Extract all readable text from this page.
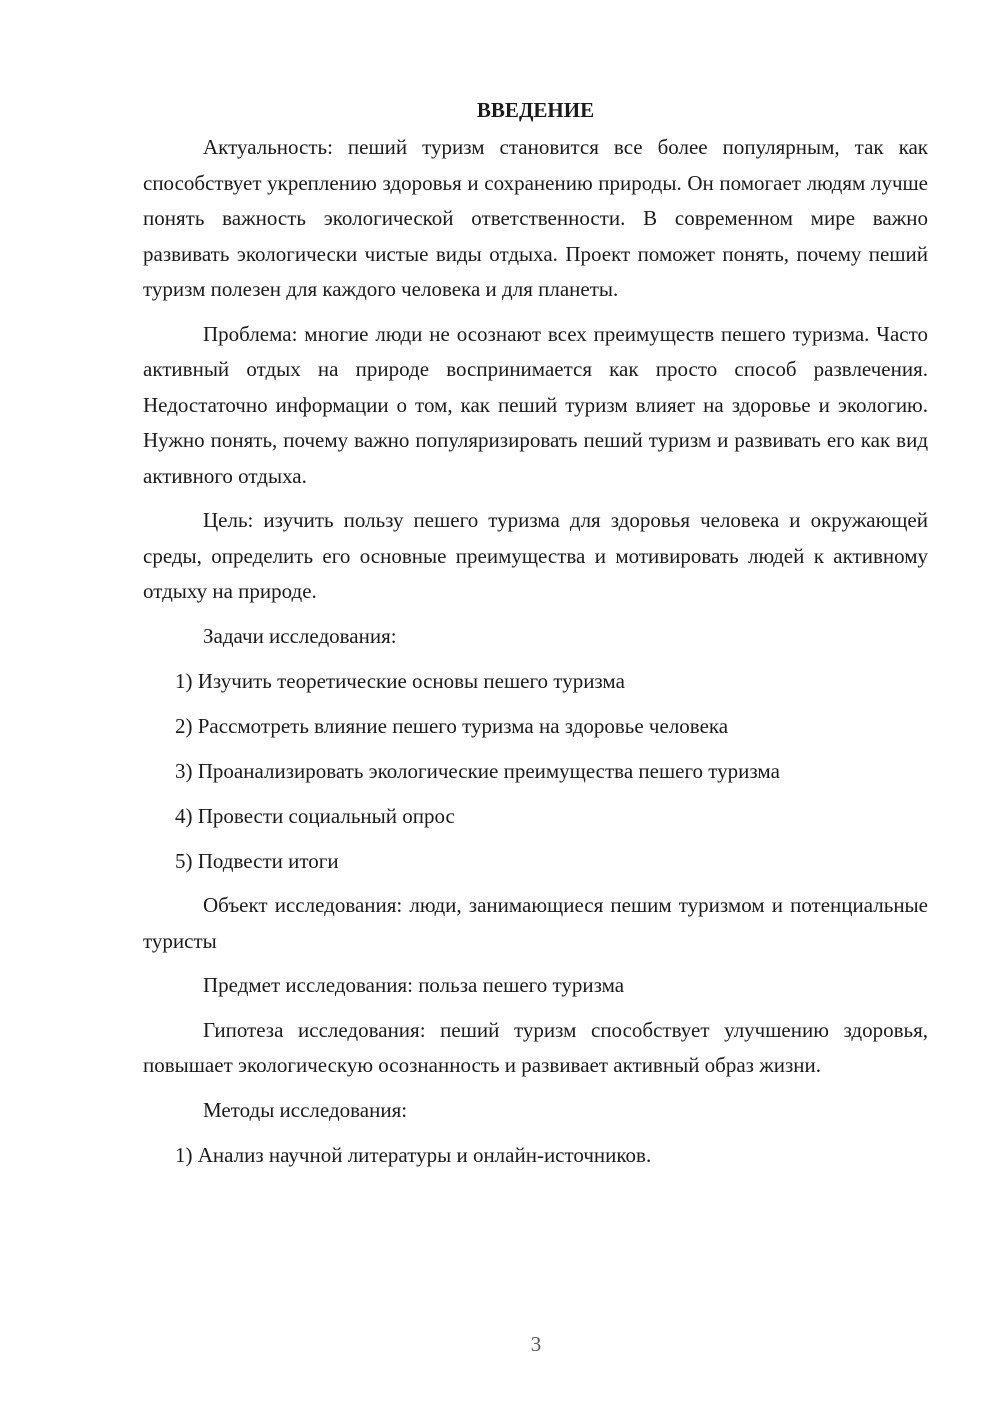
ВВЕДЕНИЕ

Актуальность: пеший туризм становится все более популярным, так как способствует укреплению здоровья и сохранению природы. Он помогает людям лучше понять важность экологической ответственности. В современном мире важно развивать экологически чистые виды отдыха. Проект поможет понять, почему пеший туризм полезен для каждого человека и для планеты.

Проблема: многие люди не осознают всех преимуществ пешего туризма. Часто активный отдых на природе воспринимается как просто способ развлечения. Недостаточно информации о том, как пеший туризм влияет на здоровье и экологию. Нужно понять, почему важно популяризировать пеший туризм и развивать его как вид активного отдыха.

Цель: изучить пользу пешего туризма для здоровья человека и окружающей среды, определить его основные преимущества и мотивировать людей к активному отдыху на природе.

Задачи исследования:

1) Изучить теоретические основы пешего туризма

2) Рассмотреть влияние пешего туризма на здоровье человека

3) Проанализировать экологические преимущества пешего туризма

4) Провести социальный опрос

5) Подвести итоги

Объект исследования: люди, занимающиеся пешим туризмом и потенциальные туристы

Предмет исследования: польза пешего туризма

Гипотеза исследования: пеший туризм способствует улучшению здоровья, повышает экологическую осознанность и развивает активный образ жизни.

Методы исследования:

1) Анализ научной литературы и онлайн-источников.

3
